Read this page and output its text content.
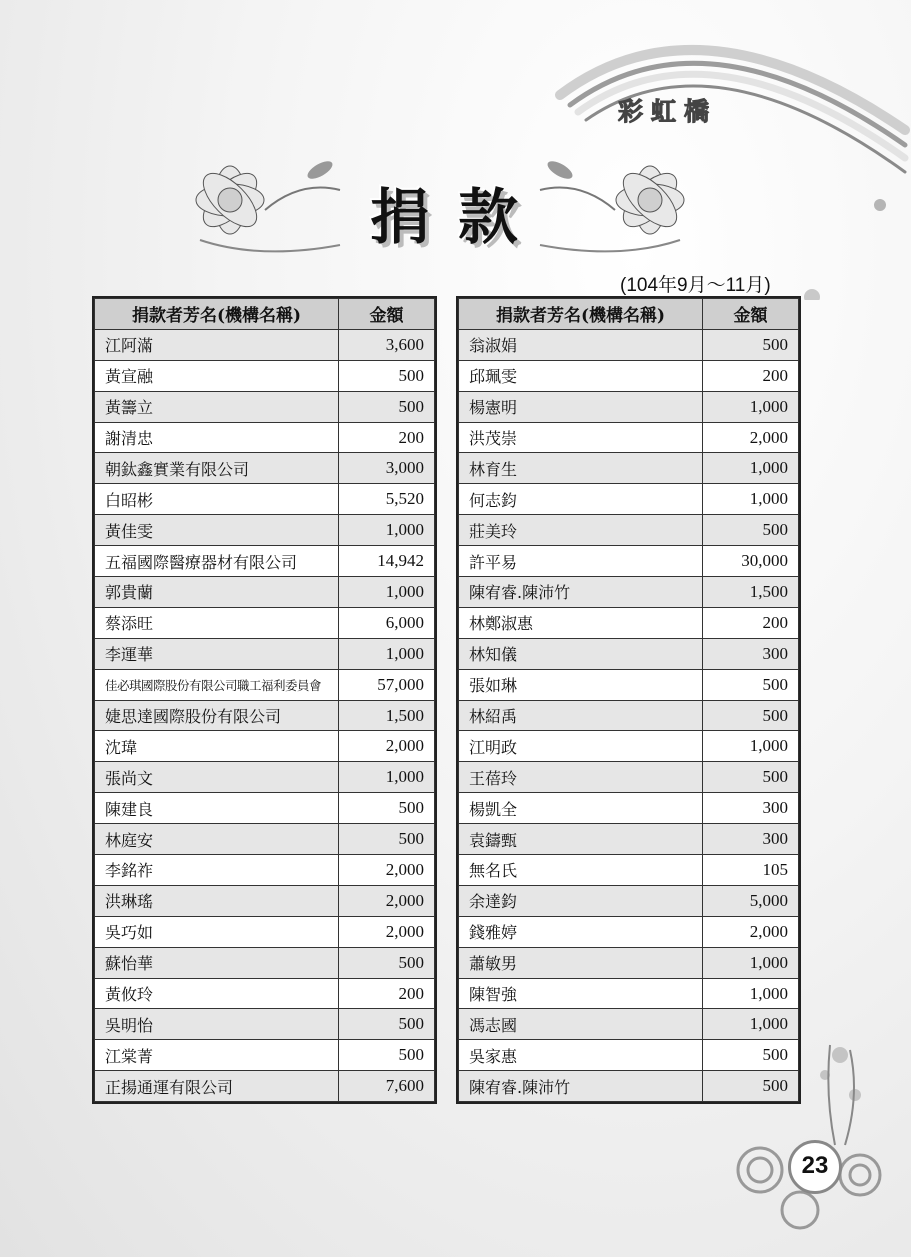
彩虹橋
捐款
(104年9月～11月)
捐款者芳名(機構名稱)	金額
江阿滿	3,600
黃宣融	500
黃籌立	500
謝清忠	200
朝鈦鑫實業有限公司	3,000
白昭彬	5,520
黃佳雯	1,000
五福國際醫療器材有限公司	14,942
郭貴蘭	1,000
蔡添旺	6,000
李運華	1,000
佳必琪國際股份有限公司職工福利委員會	57,000
婕思達國際股份有限公司	1,500
沈瑋	2,000
張尚文	1,000
陳建良	500
林庭安	500
李銘祚	2,000
洪琳瑤	2,000
吳巧如	2,000
蘇怡華	500
黃攸玲	200
吳明怡	500
江棠菁	500
正揚通運有限公司	7,600
捐款者芳名(機構名稱)	金額
翁淑娟	500
邱珮雯	200
楊憲明	1,000
洪茂崇	2,000
林育生	1,000
何志鈞	1,000
莊美玲	500
許平易	30,000
陳宥睿.陳沛竹	1,500
林鄭淑惠	200
林知儀	300
張如琳	500
林紹禹	500
江明政	1,000
王蓓玲	500
楊凱全	300
袁鑄甄	300
無名氏	105
余達鈞	5,000
錢雅婷	2,000
蕭敏男	1,000
陳智強	1,000
馮志國	1,000
吳家惠	500
陳宥睿.陳沛竹	500
23
